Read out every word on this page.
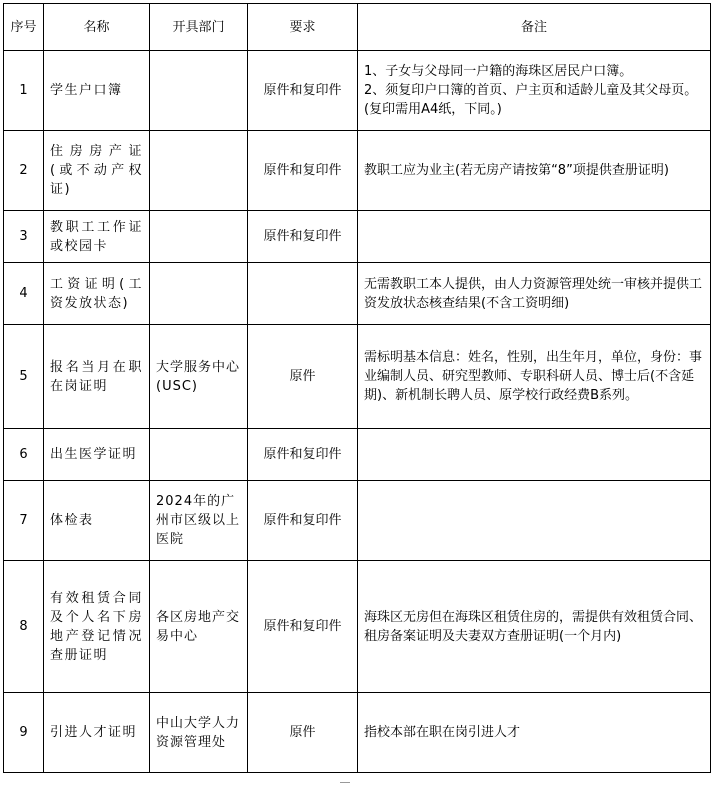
序号	名称	开具部门	要求	备注
1	学生户口簿		原件和复印件	1、子女与父母同一户籍的海珠区居民户口簿。
2、须复印户口簿的首页、户主页和适龄儿童及其父母页。(复印需用A4纸，下同。)

2	住房房产证(或不动产权证)		原件和复印件	教职工应为业主(若无房产请按第“8”项提供查册证明)

3	教职工工作证或校园卡		原件和复印件	
4	工资证明(工资发放状态)			无需教职工本人提供，由人力资源管理处统一审核并提供工资发放状态核查结果(不含工资明细)

5	报名当月在职在岗证明	大学服务中心(USC)	原件	需标明基本信息：姓名，性别，出生年月，单位，身份：事业编制人员、研究型教师、专职科研人员、博士后(不含延期)、新机制长聘人员、原学校行政经费B系列。

6	出生医学证明		原件和复印件	
7	体检表	2024年的广州市区级以上医院	原件和复印件	
8	有效租赁合同及个人名下房地产登记情况查册证明	各区房地产交易中心	原件和复印件	海珠区无房但在海珠区租赁住房的，需提供有效租赁合同、租房备案证明及夫妻双方查册证明(一个月内)

9	引进人才证明	中山大学人力资源管理处	原件	指校本部在职在岗引进人才
